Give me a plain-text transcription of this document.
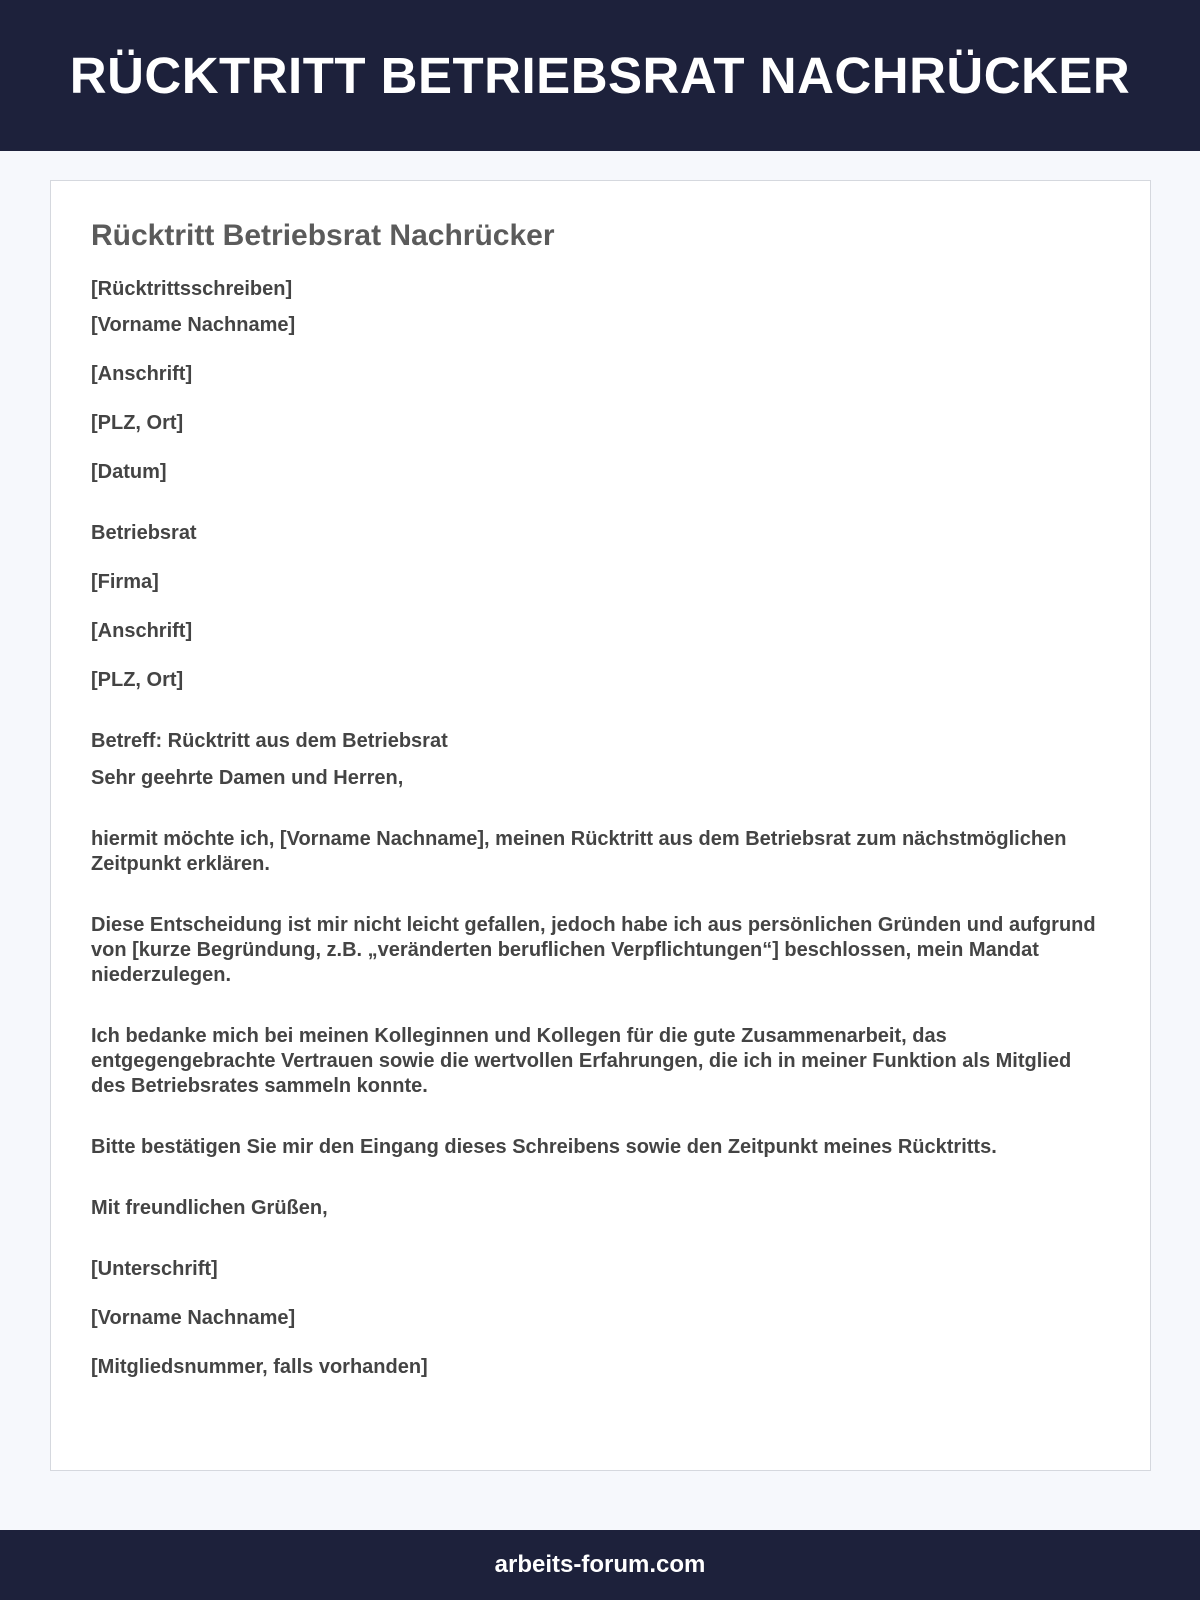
RÜCKTRITT BETRIEBSRAT NACHRÜCKER
Rücktritt Betriebsrat Nachrücker
[Rücktrittsschreiben]
[Vorname Nachname]
[Anschrift]
[PLZ, Ort]
[Datum]
Betriebsrat
[Firma]
[Anschrift]
[PLZ, Ort]
Betreff: Rücktritt aus dem Betriebsrat
Sehr geehrte Damen und Herren,
hiermit möchte ich, [Vorname Nachname], meinen Rücktritt aus dem Betriebsrat zum nächstmöglichen Zeitpunkt erklären.
Diese Entscheidung ist mir nicht leicht gefallen, jedoch habe ich aus persönlichen Gründen und aufgrund von [kurze Begründung, z.B. „veränderten beruflichen Verpflichtungen“] beschlossen, mein Mandat niederzulegen.
Ich bedanke mich bei meinen Kolleginnen und Kollegen für die gute Zusammenarbeit, das entgegengebrachte Vertrauen sowie die wertvollen Erfahrungen, die ich in meiner Funktion als Mitglied des Betriebsrates sammeln konnte.
Bitte bestätigen Sie mir den Eingang dieses Schreibens sowie den Zeitpunkt meines Rücktritts.
Mit freundlichen Grüßen,
[Unterschrift]
[Vorname Nachname]
[Mitgliedsnummer, falls vorhanden]
arbeits-forum.com
